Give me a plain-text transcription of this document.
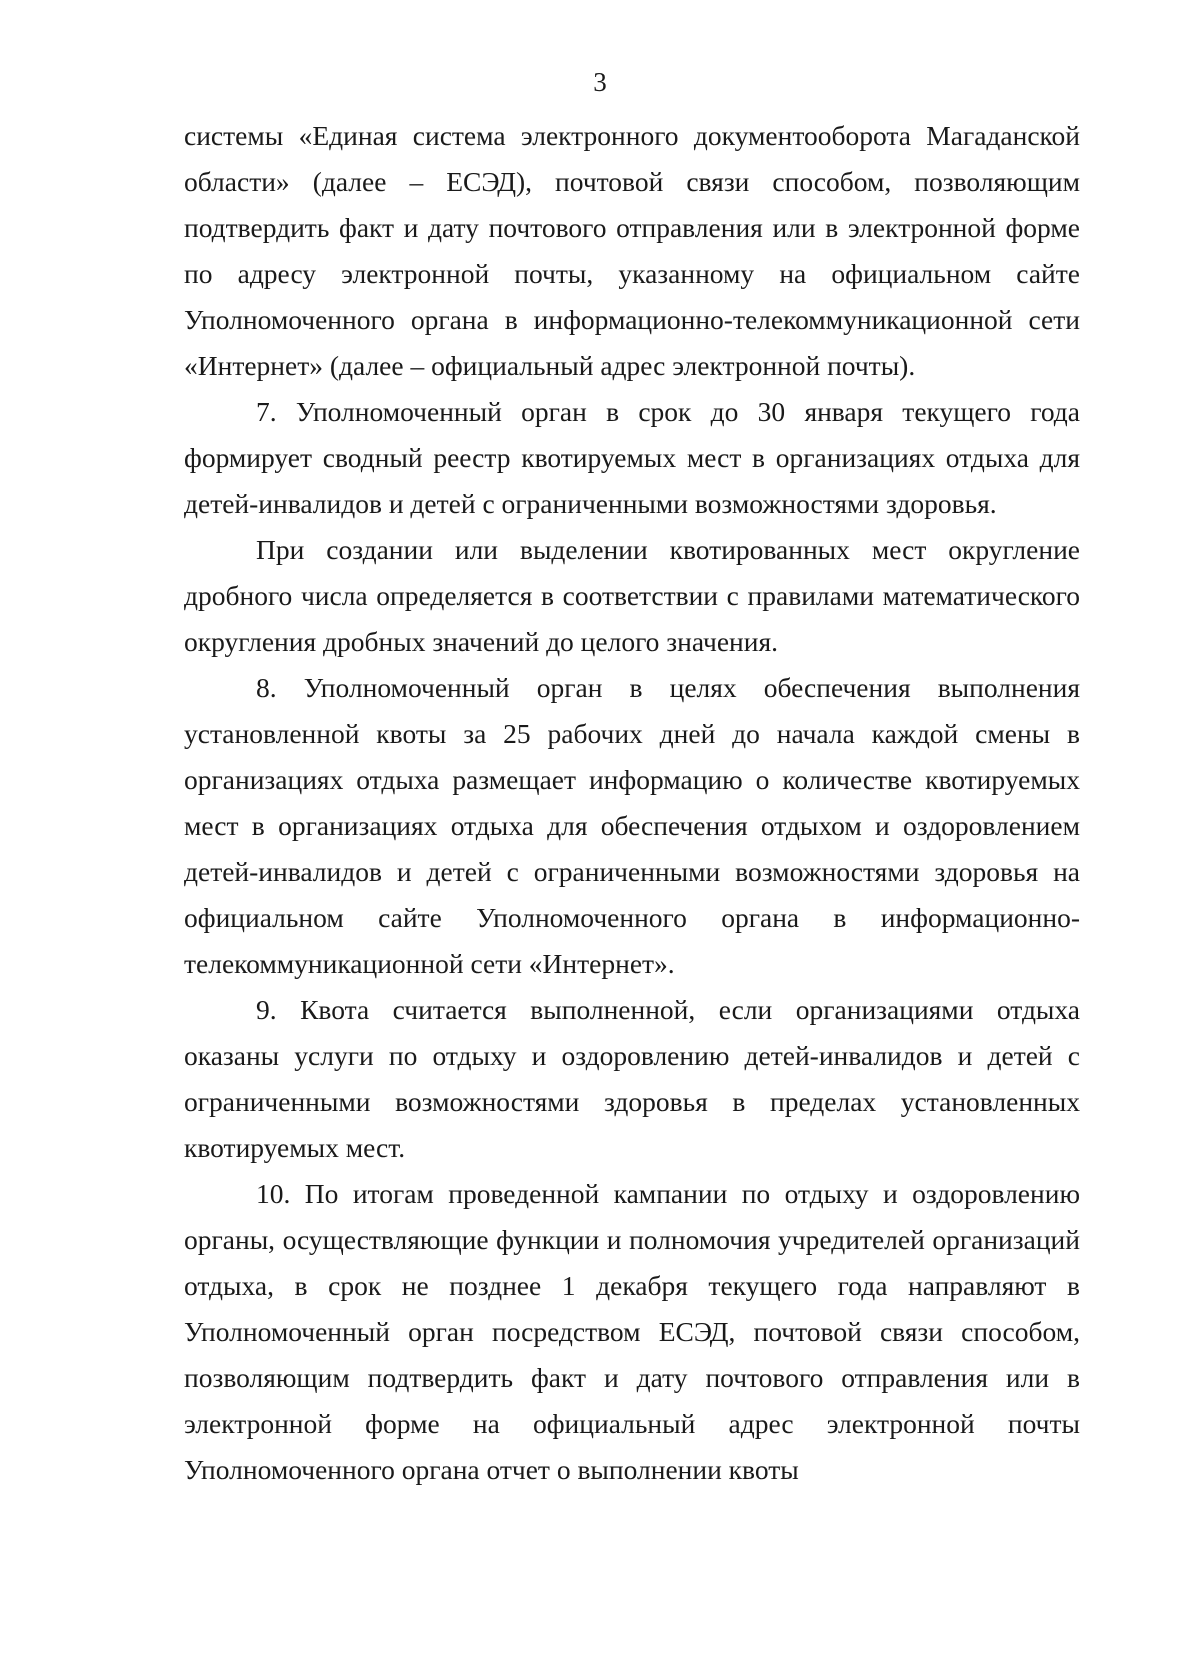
3

системы «Единая система электронного документооборота Магаданской области» (далее – ЕСЭД), почтовой связи способом, позволяющим подтвердить факт и дату почтового отправления или в электронной форме по адресу электронной почты, указанному на официальном сайте Уполномоченного органа в информационно-телекоммуникационной сети «Интернет» (далее – официальный адрес электронной почты).

7. Уполномоченный орган в срок до 30 января текущего года формирует сводный реестр квотируемых мест в организациях отдыха для детей-инвалидов и детей с ограниченными возможностями здоровья.

При создании или выделении квотированных мест округление дробного числа определяется в соответствии с правилами математического округления дробных значений до целого значения.

8. Уполномоченный орган в целях обеспечения выполнения установленной квоты за 25 рабочих дней до начала каждой смены в организациях отдыха размещает информацию о количестве квотируемых мест в организациях отдыха для обеспечения отдыхом и оздоровлением детей-инвалидов и детей с ограниченными возможностями здоровья на официальном сайте Уполномоченного органа в информационно-телекоммуникационной сети «Интернет».

9. Квота считается выполненной, если организациями отдыха оказаны услуги по отдыху и оздоровлению детей-инвалидов и детей с ограниченными возможностями здоровья в пределах установленных квотируемых мест.

10. По итогам проведенной кампании по отдыху и оздоровлению органы, осуществляющие функции и полномочия учредителей организаций отдыха, в срок не позднее 1 декабря текущего года направляют в Уполномоченный орган посредством ЕСЭД, почтовой связи способом, позволяющим подтвердить факт и дату почтового отправления или в электронной форме на официальный адрес электронной почты Уполномоченного органа отчет о выполнении квоты
